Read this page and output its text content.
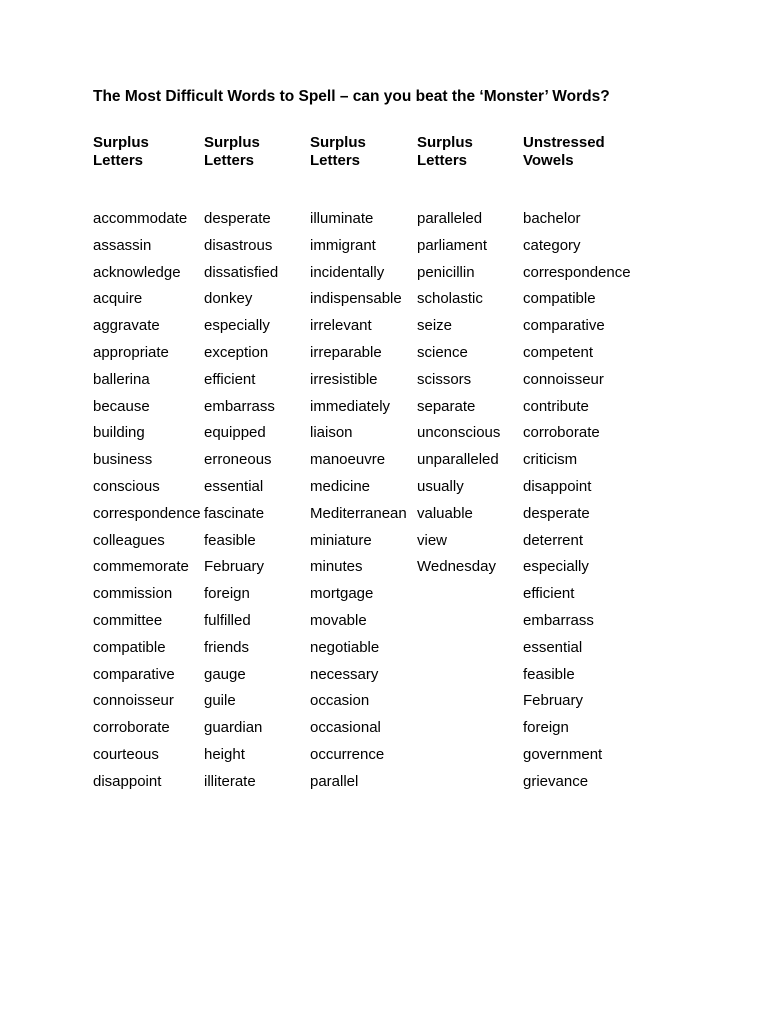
The Most Difficult Words to Spell – can you beat the ‘Monster’ Words?

Surplus
Letters

accommodate
assassin
acknowledge
acquire
aggravate
appropriate
ballerina
because
building
business
conscious
correspondence
colleagues
commemorate
commission
committee
compatible
comparative
connoisseur
corroborate
courteous
disappoint

Surplus
Letters

desperate
disastrous
dissatisfied
donkey
especially
exception
efficient
embarrass
equipped
erroneous
essential
fascinate
feasible
February
foreign
fulfilled
friends
gauge
guile
guardian
height
illiterate

Surplus
Letters

illuminate
immigrant
incidentally
indispensable
irrelevant
irreparable
irresistible
immediately
liaison
manoeuvre
medicine
Mediterranean
miniature
minutes
mortgage
movable
negotiable
necessary
occasion
occasional
occurrence
parallel

Surplus
Letters

paralleled
parliament
penicillin
scholastic
seize
science
scissors
separate
unconscious
unparalleled
usually
valuable
view
Wednesday

Unstressed
Vowels

bachelor
category
correspondence
compatible
comparative
competent
connoisseur
contribute
corroborate
criticism
disappoint
desperate
deterrent
especially
efficient
embarrass
essential
feasible
February
foreign
government
grievance
